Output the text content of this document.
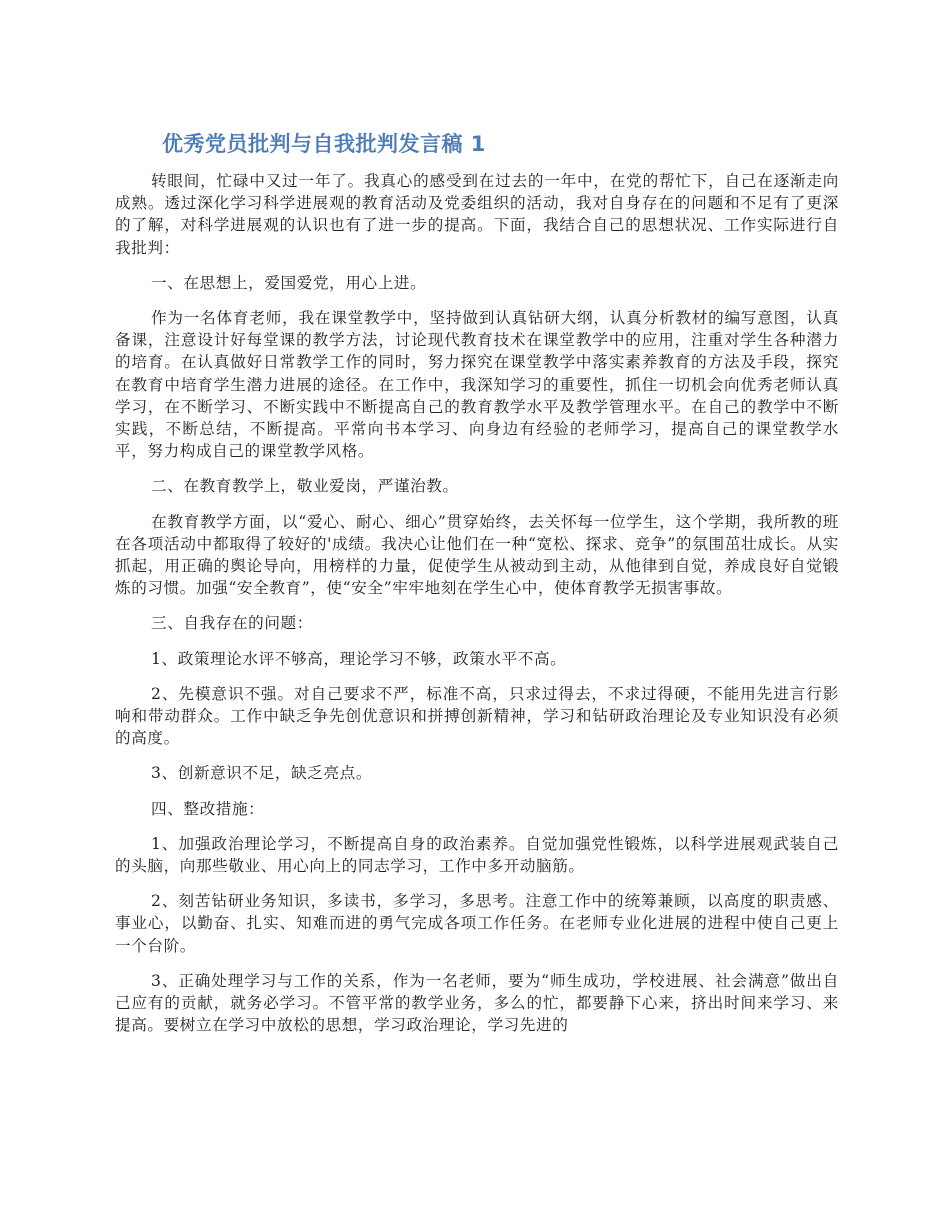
优秀党员批判与自我批判发言稿 1

转眼间，忙碌中又过一年了。我真心的感受到在过去的一年中，在党的帮忙下，自己在逐渐走向成熟。透过深化学习科学进展观的教育活动及党委组织的活动，我对自身存在的问题和不足有了更深的了解，对科学进展观的认识也有了进一步的提高。下面，我结合自己的思想状况、工作实际进行自我批判：

一、在思想上，爱国爱党，用心上进。

作为一名体育老师，我在课堂教学中，坚持做到认真钻研大纲，认真分析教材的编写意图，认真备课，注意设计好每堂课的教学方法，讨论现代教育技术在课堂教学中的应用，注重对学生各种潜力的培育。在认真做好日常教学工作的同时，努力探究在课堂教学中落实素养教育的方法及手段，探究在教育中培育学生潜力进展的途径。在工作中，我深知学习的重要性，抓住一切机会向优秀老师认真学习，在不断学习、不断实践中不断提高自己的教育教学水平及教学管理水平。在自己的教学中不断实践，不断总结，不断提高。平常向书本学习、向身边有经验的老师学习，提高自己的课堂教学水平，努力构成自己的课堂教学风格。

二、在教育教学上，敬业爱岗，严谨治教。

在教育教学方面，以“爱心、耐心、细心”贯穿始终，去关怀每一位学生，这个学期，我所教的班在各项活动中都取得了较好的'成绩。我决心让他们在一种“宽松、探求、竞争”的氛围茁壮成长。从实抓起，用正确的舆论导向，用榜样的力量，促使学生从被动到主动，从他律到自觉，养成良好自觉锻炼的习惯。加强“安全教育”，使“安全”牢牢地刻在学生心中，使体育教学无损害事故。

三、自我存在的问题：

1、政策理论水评不够高，理论学习不够，政策水平不高。

2、先模意识不强。对自己要求不严，标准不高，只求过得去，不求过得硬，不能用先进言行影响和带动群众。工作中缺乏争先创优意识和拼搏创新精神，学习和钻研政治理论及专业知识没有必须的高度。

3、创新意识不足，缺乏亮点。

四、整改措施：

1、加强政治理论学习，不断提高自身的政治素养。自觉加强党性锻炼，以科学进展观武装自己的头脑，向那些敬业、用心向上的同志学习，工作中多开动脑筋。

2、刻苦钻研业务知识，多读书，多学习，多思考。注意工作中的统筹兼顾，以高度的职责感、事业心，以勤奋、扎实、知难而进的勇气完成各项工作任务。在老师专业化进展的进程中使自己更上一个台阶。

3、正确处理学习与工作的关系，作为一名老师，要为“师生成功，学校进展、社会满意”做出自己应有的贡献，就务必学习。不管平常的教学业务，多么的忙，都要静下心来，挤出时间来学习、来提高。要树立在学习中放松的思想，学习政治理论，学习先进的
